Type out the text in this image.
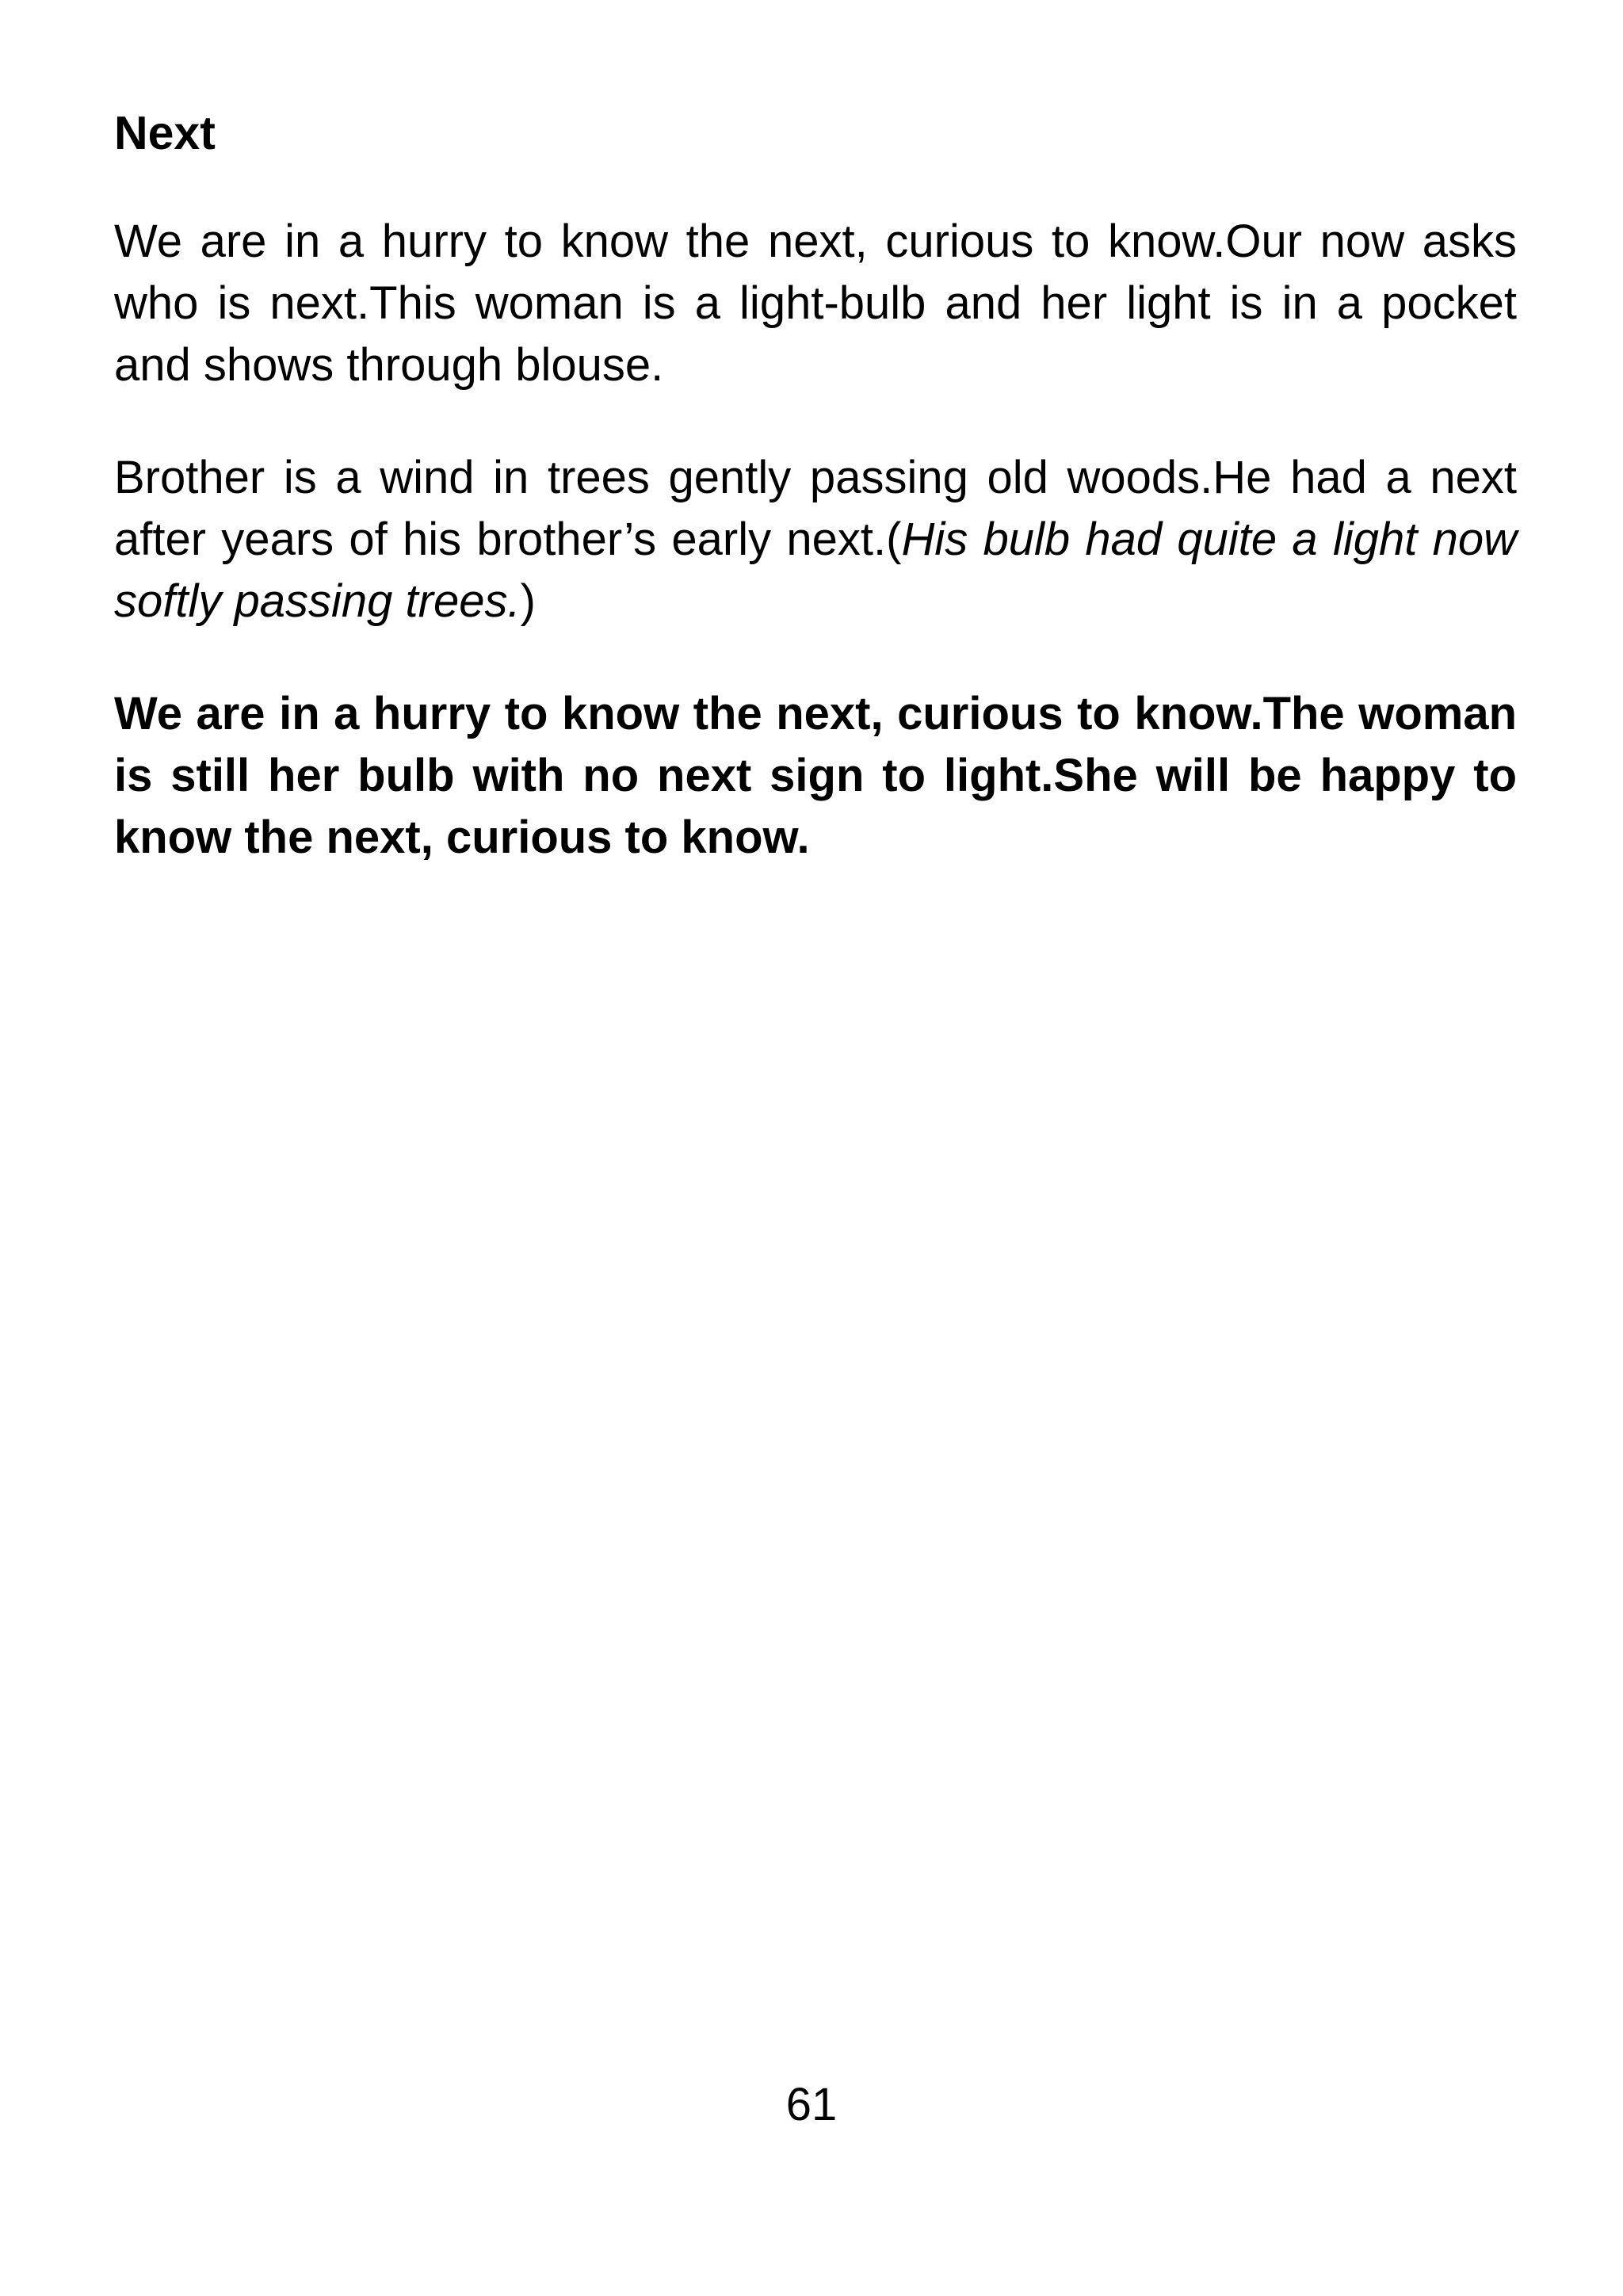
Next

We are in a hurry to know the next, curious to know.Our now asks who is next.This woman is a light-bulb and her light is in a pocket and shows through blouse.

Brother is a wind in trees gently passing old woods.He had a next after years of his brother’s early next.(His bulb had quite a light now softly passing trees.)

We are in a hurry to know the next, curious to know.The woman is still her bulb with no next sign to light.She will be happy to know the next, curious to know.

61
